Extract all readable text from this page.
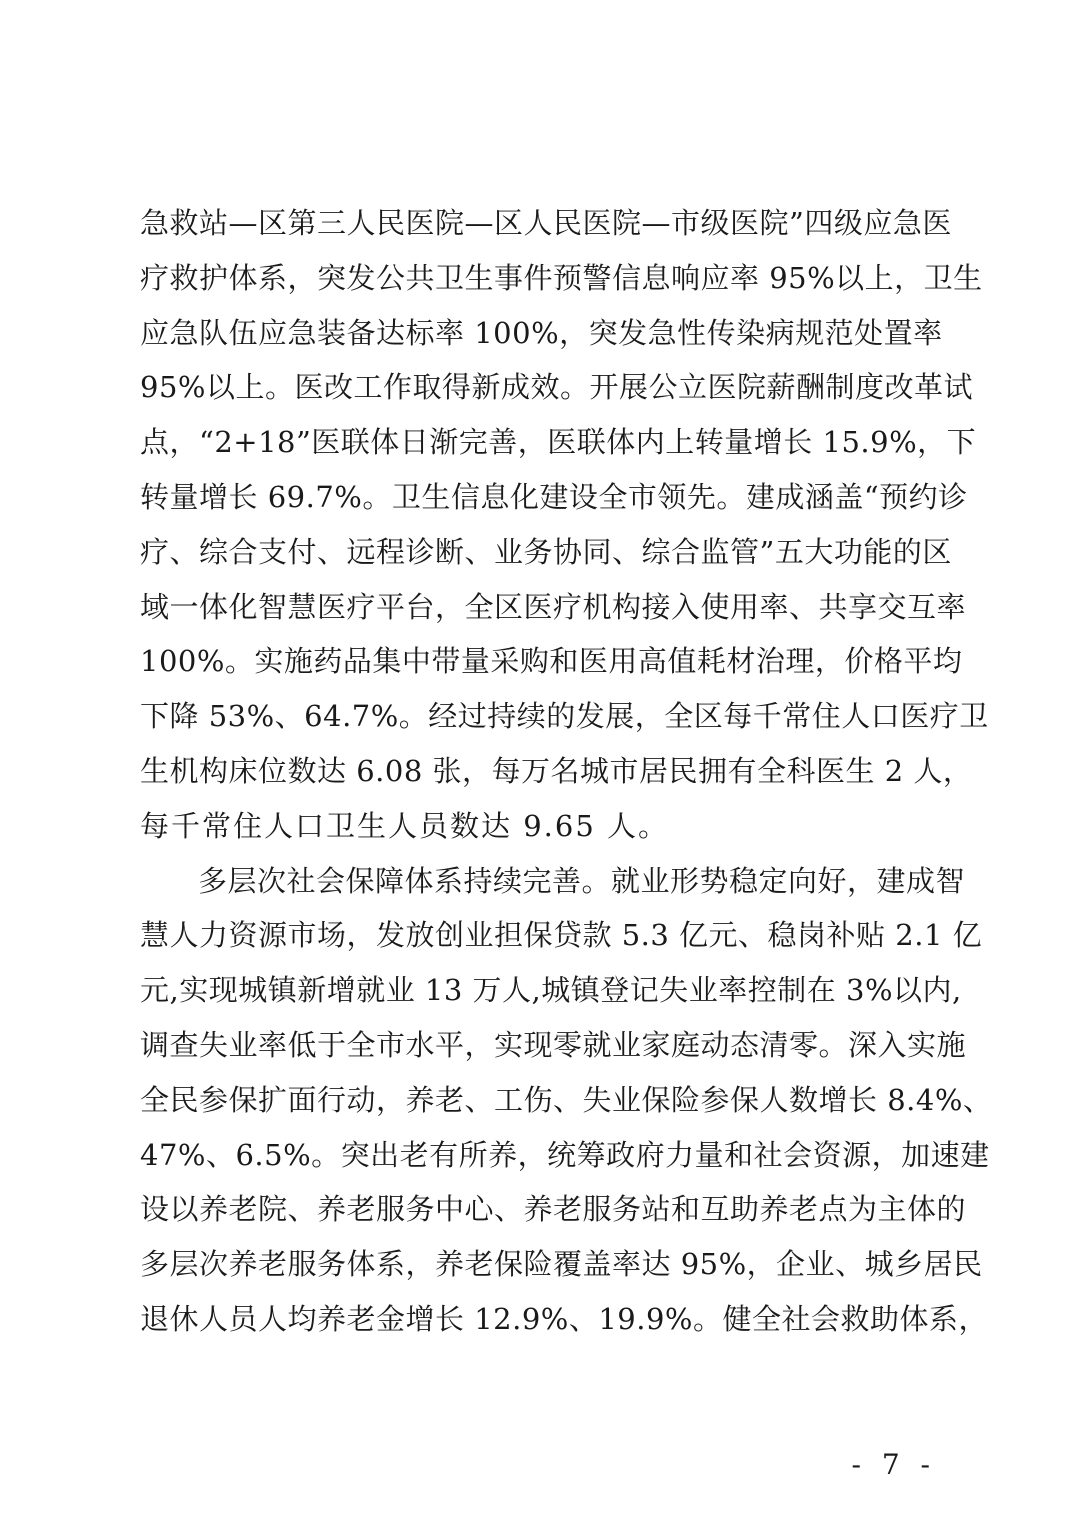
急救站—区第三人民医院—区人民医院—市级医院”四级应急医
疗救护体系，突发公共卫生事件预警信息响应率 95%以上，卫生
应急队伍应急装备达标率 100%，突发急性传染病规范处置率
95%以上。医改工作取得新成效。开展公立医院薪酬制度改革试
点，“2+18”医联体日渐完善，医联体内上转量增长 15.9%，下
转量增长 69.7%。卫生信息化建设全市领先。建成涵盖“预约诊
疗、综合支付、远程诊断、业务协同、综合监管”五大功能的区
域一体化智慧医疗平台，全区医疗机构接入使用率、共享交互率
100%。实施药品集中带量采购和医用高值耗材治理，价格平均
下降 53%、64.7%。经过持续的发展，全区每千常住人口医疗卫
生机构床位数达 6.08 张，每万名城市居民拥有全科医生 2 人，
每千常住人口卫生人员数达 9.65 人。
多层次社会保障体系持续完善。就业形势稳定向好，建成智
慧人力资源市场，发放创业担保贷款 5.3 亿元、稳岗补贴 2.1 亿
元,实现城镇新增就业 13 万人,城镇登记失业率控制在 3%以内,
调查失业率低于全市水平，实现零就业家庭动态清零。深入实施
全民参保扩面行动，养老、工伤、失业保险参保人数增长 8.4%、
47%、6.5%。突出老有所养，统筹政府力量和社会资源，加速建
设以养老院、养老服务中心、养老服务站和互助养老点为主体的
多层次养老服务体系，养老保险覆盖率达 95%，企业、城乡居民
退休人员人均养老金增长 12.9%、19.9%。健全社会救助体系，
- 7 -
